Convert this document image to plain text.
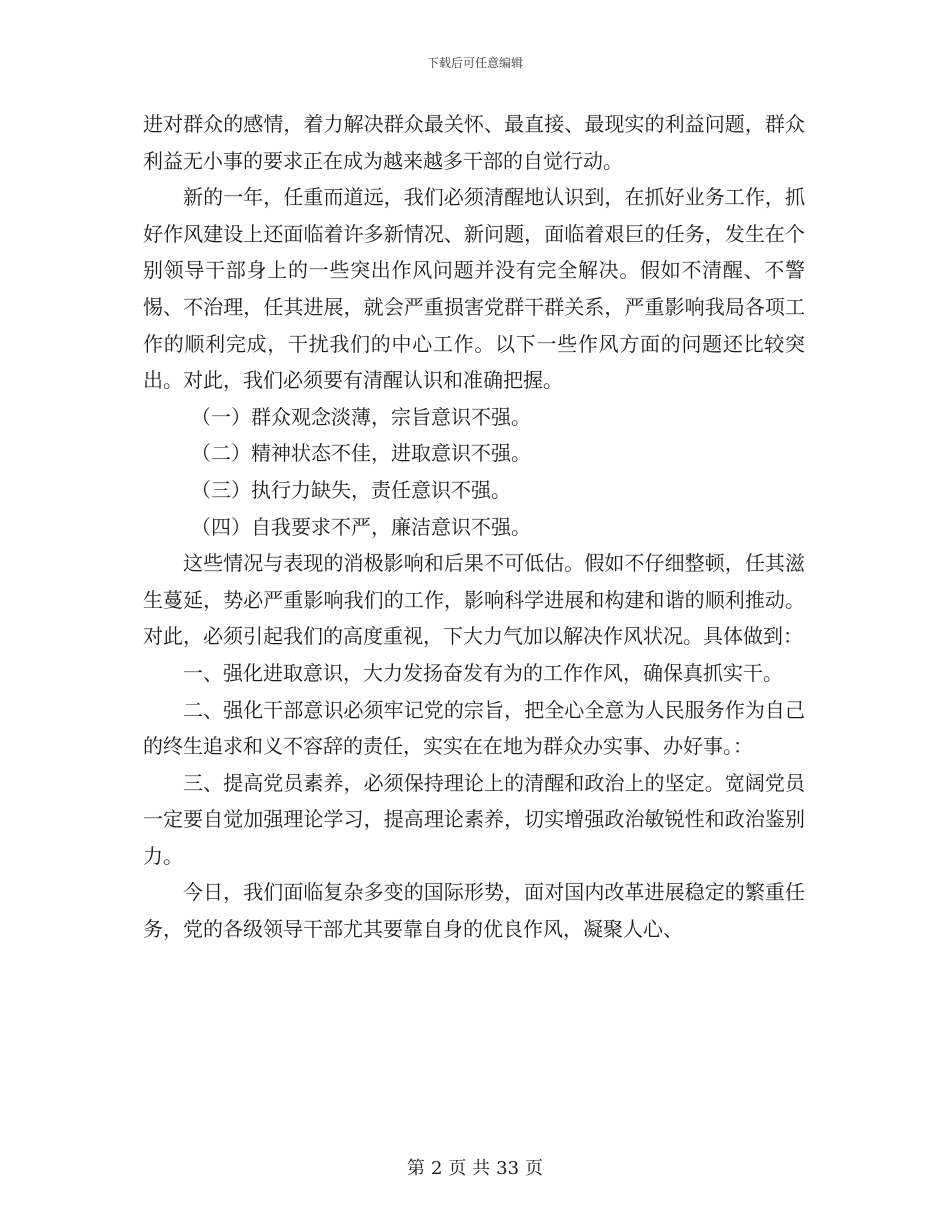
下载后可任意编辑

进对群众的感情，着力解决群众最关怀、最直接、最现实的利益问题，群众利益无小事的要求正在成为越来越多干部的自觉行动。

新的一年，任重而道远，我们必须清醒地认识到，在抓好业务工作，抓好作风建设上还面临着许多新情况、新问题，面临着艰巨的任务，发生在个别领导干部身上的一些突出作风问题并没有完全解决。假如不清醒、不警惕、不治理，任其进展，就会严重损害党群干群关系，严重影响我局各项工作的顺利完成，干扰我们的中心工作。以下一些作风方面的问题还比较突出。对此，我们必须要有清醒认识和准确把握。

（一）群众观念淡薄，宗旨意识不强。

（二）精神状态不佳，进取意识不强。

（三）执行力缺失，责任意识不强。

（四）自我要求不严，廉洁意识不强。

这些情况与表现的消极影响和后果不可低估。假如不仔细整顿，任其滋生蔓延，势必严重影响我们的工作，影响科学进展和构建和谐的顺利推动。对此，必须引起我们的高度重视，下大力气加以解决作风状况。具体做到：

一、强化进取意识，大力发扬奋发有为的工作作风，确保真抓实干。

二、强化干部意识必须牢记党的宗旨，把全心全意为人民服务作为自己的终生追求和义不容辞的责任，实实在在地为群众办实事、办好事。：

三、提高党员素养，必须保持理论上的清醒和政治上的坚定。宽阔党员一定要自觉加强理论学习，提高理论素养，切实增强政治敏锐性和政治鉴别力。

今日，我们面临复杂多变的国际形势，面对国内改革进展稳定的繁重任务，党的各级领导干部尤其要靠自身的优良作风，凝聚人心、

第 2 页 共 33 页
